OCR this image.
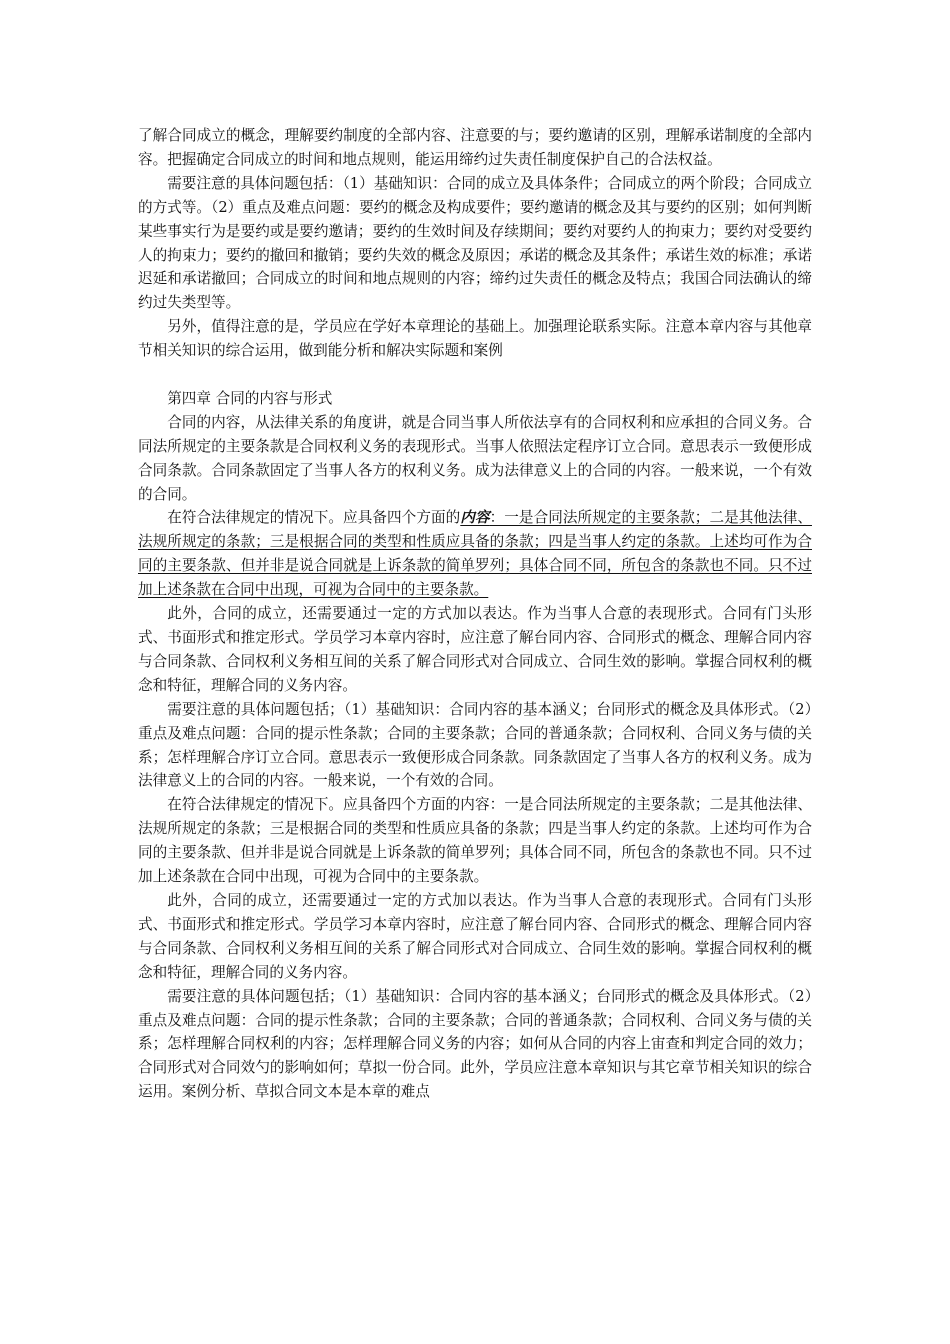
了解合同成立的概念，理解要约制度的全部内容、注意要的与；要约邀请的区别，理解承诺制度的全部内容。把握确定合同成立的时间和地点规则，能运用缔约过失责任制度保护自己的合法权益。

需要注意的具体问题包括：（1）基础知识：合同的成立及具体条件；合同成立的两个阶段；合同成立的方式等。（2）重点及难点问题：要约的概念及构成要件；要约邀请的概念及其与要约的区别；如何判断某些事实行为是要约或是要约邀请；要约的生效时间及存续期间；要约对要约人的拘束力；要约对受要约人的拘束力；要约的撤回和撤销；要约失效的概念及原因；承诺的概念及其条件；承诺生效的标准；承诺迟延和承诺撤回；合同成立的时间和地点规则的内容；缔约过失责任的概念及特点；我国合同法确认的缔约过失类型等。

另外，值得注意的是，学员应在学好本章理论的基础上。加强理论联系实际。注意本章内容与其他章节相关知识的综合运用，做到能分析和解决实际题和案例

第四章 合同的内容与形式

合同的内容，从法律关系的角度讲，就是合同当事人所依法享有的合同权利和应承担的合同义务。合同法所规定的主要条款是合同权利义务的表现形式。当事人依照法定程序订立合同。意思表示一致便形成合同条款。合同条款固定了当事人各方的权利义务。成为法律意义上的合同的内容。一般来说，一个有效的合同。

在符合法律规定的情况下。应具备四个方面的内容：一是合同法所规定的主要条款；二是其他法律、法规所规定的条款；三是根据合同的类型和性质应具备的条款；四是当事人约定的条款。上述均可作为合同的主要条款、但并非是说合同就是上诉条款的简单罗列；具体合同不同，所包含的条款也不同。只不过加上述条款在合同中出现，可视为合同中的主要条款。

此外，合同的成立，还需要通过一定的方式加以表达。作为当事人合意的表现形式。合同有门头形式、书面形式和推定形式。学员学习本章内容时，应注意了解台同内容、合同形式的概念、理解合同内容与合同条款、合同权利义务相互间的关系了解合同形式对合同成立、合同生效的影响。掌握合同权利的概念和特征，理解合同的义务内容。

需要注意的具体问题包括；（1）基础知识：合同内容的基本涵义；台同形式的概念及具体形式。（2）重点及难点问题：合同的提示性条款；合同的主要条款；合同的普通条款；合同权利、合同义务与债的关系；怎样理解合序订立合同。意思表示一致便形成合同条款。同条款固定了当事人各方的权利义务。成为法律意义上的合同的内容。一般来说，一个有效的合同。

在符合法律规定的情况下。应具备四个方面的内容：一是合同法所规定的主要条款；二是其他法律、法规所规定的条款；三是根据合同的类型和性质应具备的条款；四是当事人约定的条款。上述均可作为合同的主要条款、但并非是说合同就是上诉条款的简单罗列；具体合同不同，所包含的条款也不同。只不过加上述条款在合同中出现，可视为合同中的主要条款。

此外，合同的成立，还需要通过一定的方式加以表达。作为当事人合意的表现形式。合同有门头形式、书面形式和推定形式。学员学习本章内容时，应注意了解台同内容、合同形式的概念、理解合同内容与合同条款、合同权利义务相互间的关系了解合同形式对合同成立、合同生效的影响。掌握合同权利的概念和特征，理解合同的义务内容。

需要注意的具体问题包括；（1）基础知识：合同内容的基本涵义；台同形式的概念及具体形式。（2）重点及难点问题：合同的提示性条款；合同的主要条款；合同的普通条款；合同权利、合同义务与债的关系；怎样理解合同权利的内容；怎样理解合同义务的内容；如何从合同的内容上宙查和判定合同的效力；合同形式对合同效勺的影响如何；草拟一份合同。此外，学员应注意本章知识与其它章节相关知识的综合运用。案例分析、草拟合同文本是本章的难点
